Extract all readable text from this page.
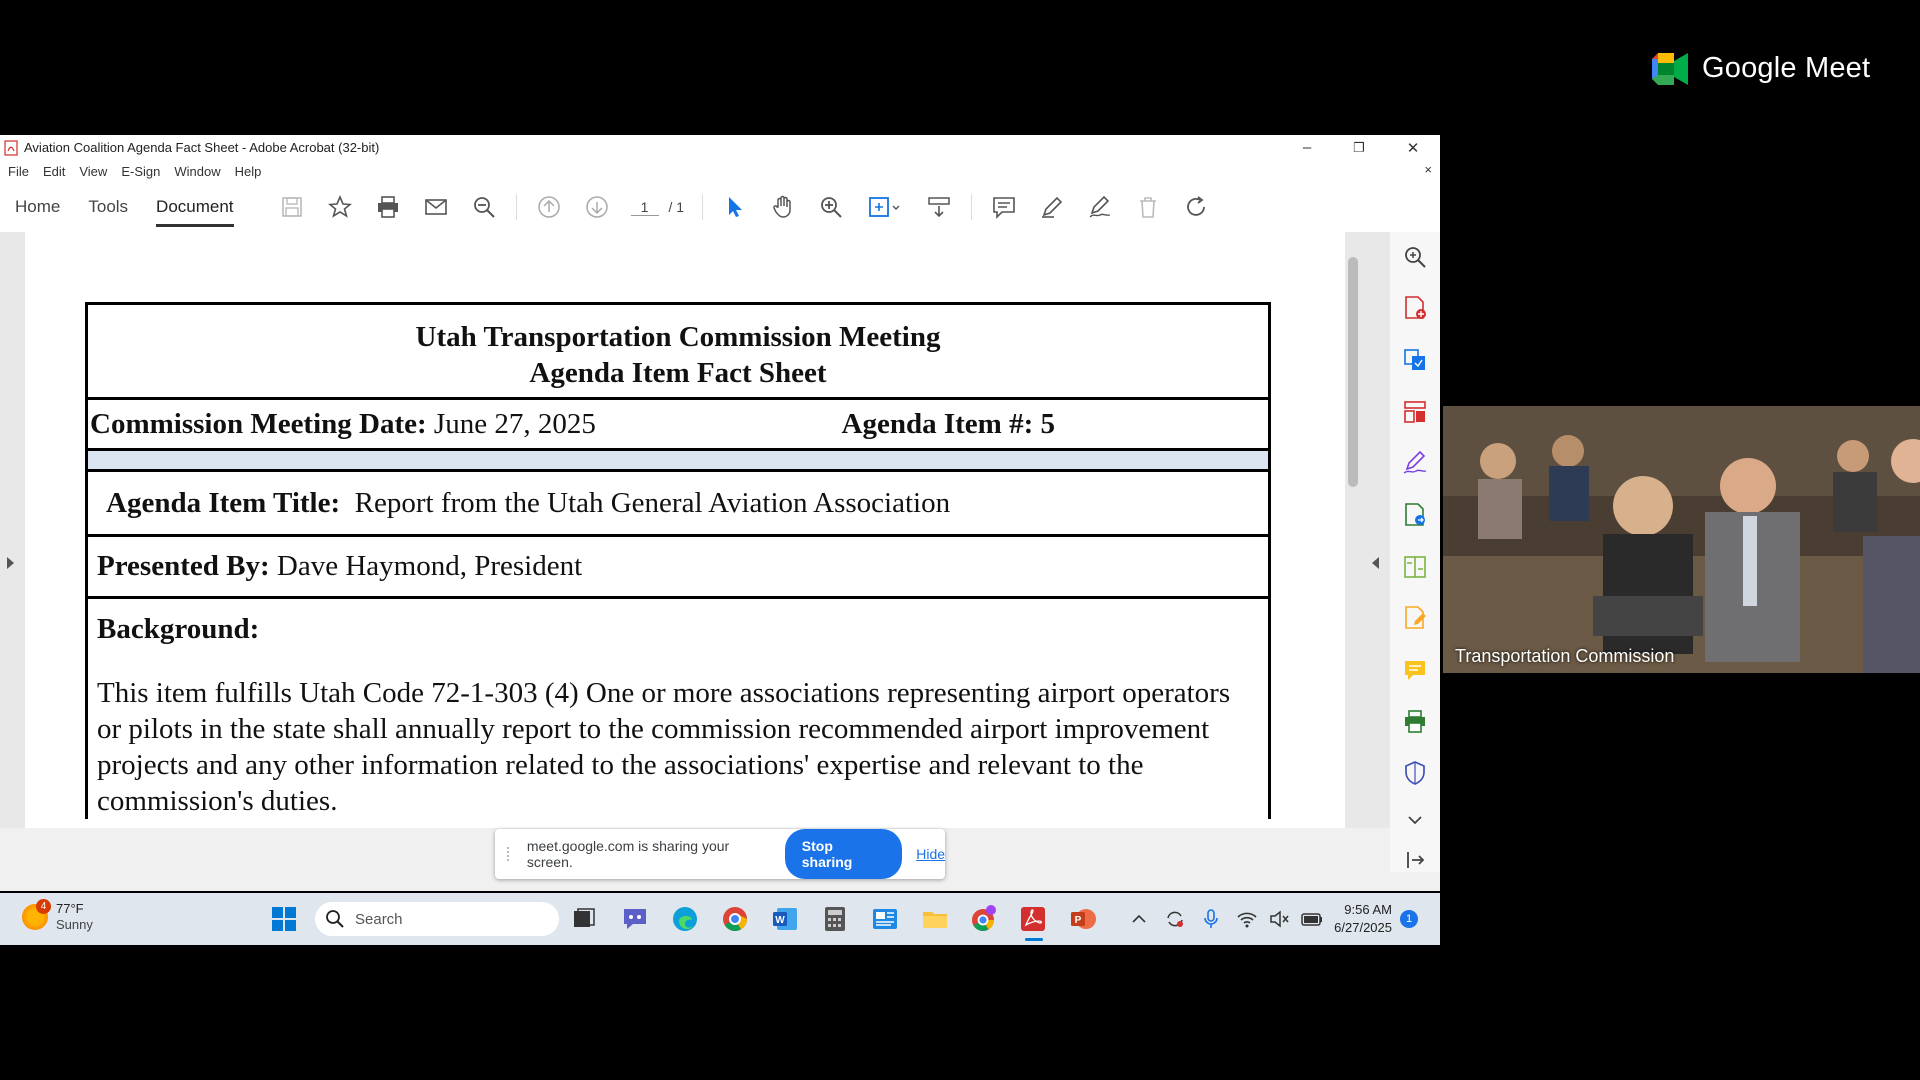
Google Meet
Transportation Commission
Aviation Coalition Agenda Fact Sheet - Adobe Acrobat (32-bit)	–	❐	✕
File Edit View E-Sign Window Help	×
Home Tools Document	1	/ 1
Utah Transportation Commission Meeting
Agenda Item Fact Sheet
Commission Meeting Date:
June 27, 2025	Agenda Item #: 5
Agenda Item Title:
Report from the Utah General Aviation Association
Presented By:
Dave Haymond, President
Background:
This item fulfills Utah Code 72-1-303 (4) One or more associations representing airport operators or pilots in the state shall annually report to the commission recommended airport improvement projects and any other information related to the associations' expertise and relevant to the commission's duties.
meet.google.com is sharing your screen.
Stop sharing	Hide
4 77°F
Sunny	Search	W	P
9:56 AM
6/27/2025
1
